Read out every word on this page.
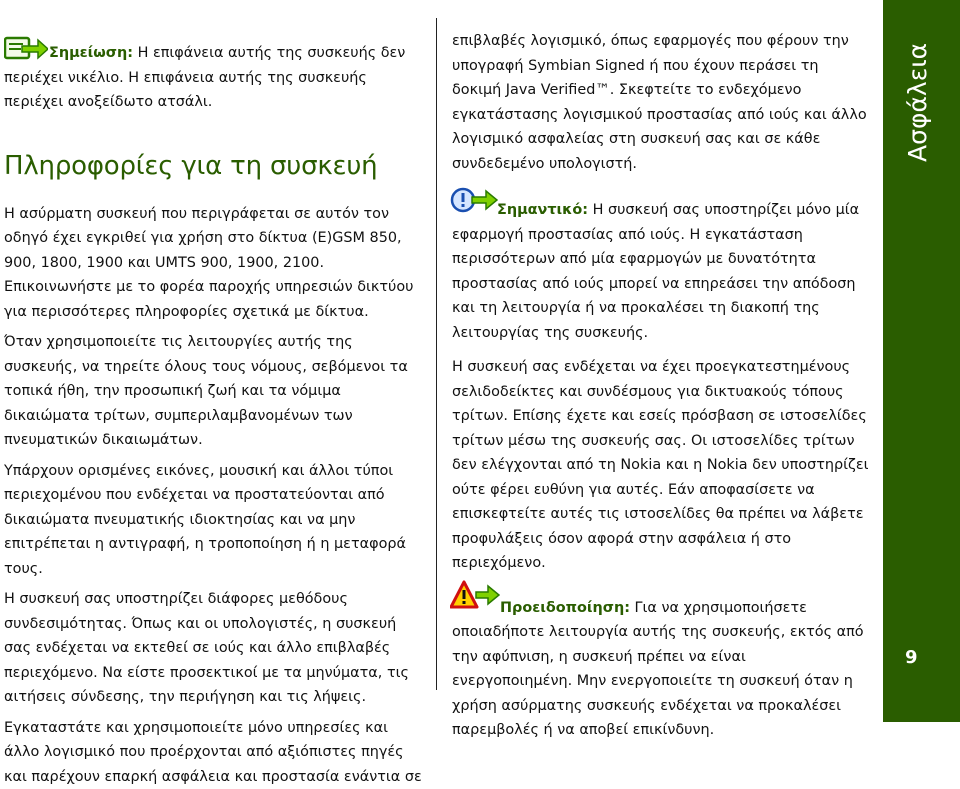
Σημείωση: Η επιφάνεια αυτής της συσκευής δεν περιέχει νικέλιο. Η επιφάνεια αυτής της συσκευής περιέχει ανοξείδωτο ατσάλι.

Πληροφορίες για τη συσκευή

Η ασύρματη συσκευή που περιγράφεται σε αυτόν τον οδηγό έχει εγκριθεί για χρήση στο δίκτυα (E)GSM 850, 900, 1800, 1900 και UMTS 900, 1900, 2100. Επικοινωνήστε με το φορέα παροχής υπηρεσιών δικτύου για περισσότερες πληροφορίες σχετικά με δίκτυα.

Όταν χρησιμοποιείτε τις λειτουργίες αυτής της συσκευής, να τηρείτε όλους τους νόμους, σεβόμενοι τα τοπικά ήθη, την προσωπική ζωή και τα νόμιμα δικαιώματα τρίτων, συμπεριλαμβανομένων των πνευματικών δικαιωμάτων.

Υπάρχουν ορισμένες εικόνες, μουσική και άλλοι τύποι περιεχομένου που ενδέχεται να προστατεύονται από δικαιώματα πνευματικής ιδιοκτησίας και να μην επιτρέπεται η αντιγραφή, η τροποποίηση ή η μεταφορά τους.

Η συσκευή σας υποστηρίζει διάφορες μεθόδους συνδεσιμότητας. Όπως και οι υπολογιστές, η συσκευή σας ενδέχεται να εκτεθεί σε ιούς και άλλο επιβλαβές περιεχόμενο. Να είστε προσεκτικοί με τα μηνύματα, τις αιτήσεις σύνδεσης, την περιήγηση και τις λήψεις.

Εγκαταστάτε και χρησιμοποιείτε μόνο υπηρεσίες και άλλο λογισμικό που προέρχονται από αξιόπιστες πηγές και παρέχουν επαρκή ασφάλεια και προστασία ενάντια σε

επιβλαβές λογισμικό, όπως εφαρμογές που φέρουν την υπογραφή Symbian Signed ή που έχουν περάσει τη δοκιμή Java Verified™. Σκεφτείτε το ενδεχόμενο εγκατάστασης λογισμικού προστασίας από ιούς και άλλο λογισμικό ασφαλείας στη συσκευή σας και σε κάθε συνδεδεμένο υπολογιστή.

Σημαντικό: Η συσκευή σας υποστηρίζει μόνο μία εφαρμογή προστασίας από ιούς. Η εγκατάσταση περισσότερων από μία εφαρμογών με δυνατότητα προστασίας από ιούς μπορεί να επηρεάσει την απόδοση και τη λειτουργία ή να προκαλέσει τη διακοπή της λειτουργίας της συσκευής.

Η συσκευή σας ενδέχεται να έχει προεγκατεστημένους σελιδοδείκτες και συνδέσμους για δικτυακούς τόπους τρίτων. Επίσης έχετε και εσείς πρόσβαση σε ιστοσελίδες τρίτων μέσω της συσκευής σας. Οι ιστοσελίδες τρίτων δεν ελέγχονται από τη Nokia και η Nokia δεν υποστηρίζει ούτε φέρει ευθύνη για αυτές. Εάν αποφασίσετε να επισκεφτείτε αυτές τις ιστοσελίδες θα πρέπει να λάβετε προφυλάξεις όσον αφορά στην ασφάλεια ή στο περιεχόμενο.

Προειδοποίηση: Για να χρησιμοποιήσετε οποιαδήποτε λειτουργία αυτής της συσκευής, εκτός από την αφύπνιση, η συσκευή πρέπει να είναι ενεργοποιημένη. Μην ενεργοποιείτε τη συσκευή όταν η χρήση ασύρματης συσκευής ενδέχεται να προκαλέσει παρεμβολές ή να αποβεί επικίνδυνη.

Ασφάλεια
9
